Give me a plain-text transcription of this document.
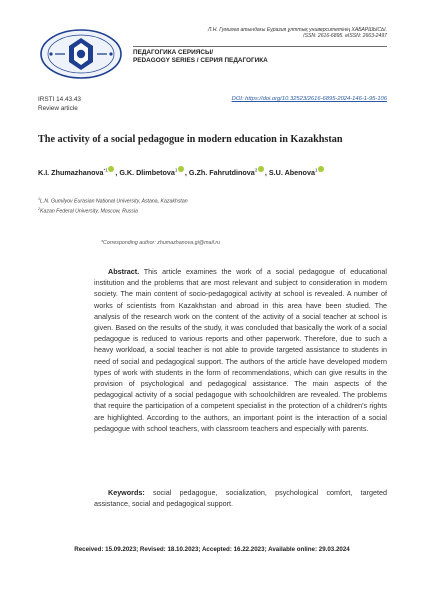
Л.Н. Гумилев атындағы Еуразия ұлттық университетінің ХАБАРШЫСЫ.
ISSN: 2616-6895. eISSN: 2663-2497
ПЕДАГОГИКА СЕРИЯСЫ/
PEDAGOGY SERIES / СЕРИЯ ПЕДАГОГИКА
IRSTI 14.43.43
Review article
DOI: https://doi.org/10.32523/2616-6895-2024-146-1-95-106
The activity of a social pedagogue in modern education in Kazakhstan
K.I. Zhumazhanova$^{*1}$ , G.K. Dlimbetova$^1$ , G.Zh. Fahrutdinova$^2$ , S.U. Abenova$^1$
$^1$L.N. Gumilyov Eurasian National University, Astana, Kazakhstan
$^2$Kazan Federal University, Moscow, Russia
*Corresponding author: zhumazhanova.gi@mail.ru

Abstract. This article examines the work of a social pedagogue of educational institution and the problems that are most relevant and subject to consideration in modern society. The main content of socio-pedagogical activity at school is revealed. A number of works of scientists from Kazakhstan and abroad in this area have been studied. The analysis of the research work on the content of the activity of a social teacher at school is given. Based on the results of the study, it was concluded that basically the work of a social pedagogue is reduced to various reports and other paperwork. Therefore, due to such a heavy workload, a social teacher is not able to provide targeted assistance to students in need of social and pedagogical support. The authors of the article have developed modern types of work with students in the form of recommendations, which can give results in the provision of psychological and pedagogical assistance. The main aspects of the pedagogical activity of a social pedagogue with schoolchildren are revealed. The problems that require the participation of a competent specialist in the protection of a children's rights are highlighted. According to the authors, an important point is the interaction of a social pedagogue with school teachers, with classroom teachers and especially with parents.

Keywords: social pedagogue, socialization, psychological comfort, targeted assistance, social and pedagogical support.

Received: 15.09.2023; Revised: 18.10.2023; Accepted: 16.22.2023; Available online: 29.03.2024
